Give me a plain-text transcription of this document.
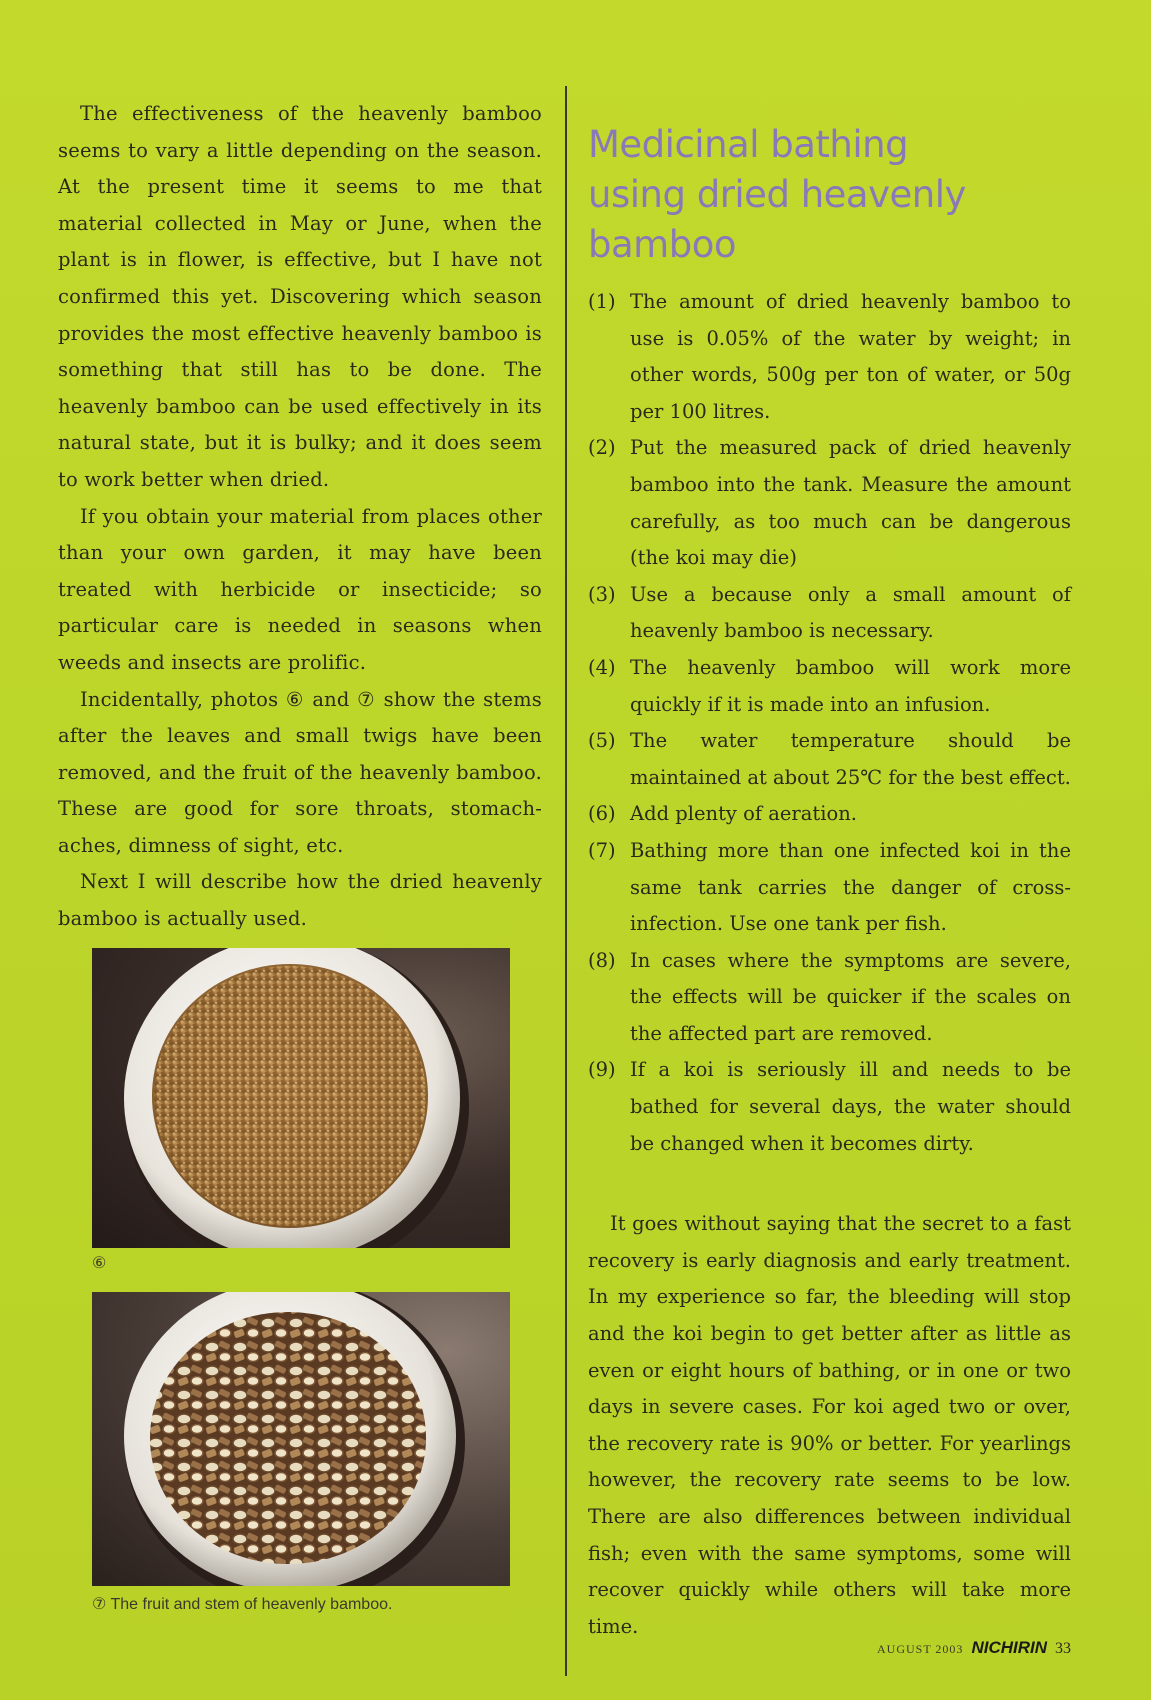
The effectiveness of the heavenly bamboo seems to vary a little depending on the season. At the present time it seems to me that material collected in May or June, when the plant is in flower, is effective, but I have not confirmed this yet. Discovering which season provides the most effective heavenly bamboo is something that still has to be done. The heavenly bamboo can be used effectively in its natural state, but it is bulky; and it does seem to work better when dried.

If you obtain your material from places other than your own garden, it may have been treated with herbicide or insecticide; so particular care is needed in seasons when weeds and insects are prolific.

Incidentally, photos ⑥ and ⑦ show the stems after the leaves and small twigs have been removed, and the fruit of the heavenly bamboo. These are good for sore throats, stomach-aches, dimness of sight, etc.

Next I will describe how the dried heavenly bamboo is actually used.

⑥
⑦ The fruit and stem of heavenly bamboo.
Medicinal bathing
using dried heavenly bamboo
(1) The amount of dried heavenly bamboo to use is 0.05% of the water by weight; in other words, 500g per ton of water, or 50g per 100 litres.
(2) Put the measured pack of dried heavenly bamboo into the tank. Measure the amount carefully, as too much can be dangerous (the koi may die)
(3) Use a because only a small amount of heavenly bamboo is necessary.
(4) The heavenly bamboo will work more quickly if it is made into an infusion.
(5) The water temperature should be maintained at about 25℃ for the best effect.
(6) Add plenty of aeration.
(7) Bathing more than one infected koi in the same tank carries the danger of cross-infection. Use one tank per fish.
(8) In cases where the symptoms are severe, the effects will be quicker if the scales on the affected part are removed.
(9) If a koi is seriously ill and needs to be bathed for several days, the water should be changed when it becomes dirty.

It goes without saying that the secret to a fast recovery is early diagnosis and early treatment. In my experience so far, the bleeding will stop and the koi begin to get better after as little as even or eight hours of bathing, or in one or two days in severe cases. For koi aged two or over, the recovery rate is 90% or better. For yearlings however, the recovery rate seems to be low. There are also differences between individual fish; even with the same symptoms, some will recover quickly while others will take more time.

AUGUST 2003 NICHIRIN 33
